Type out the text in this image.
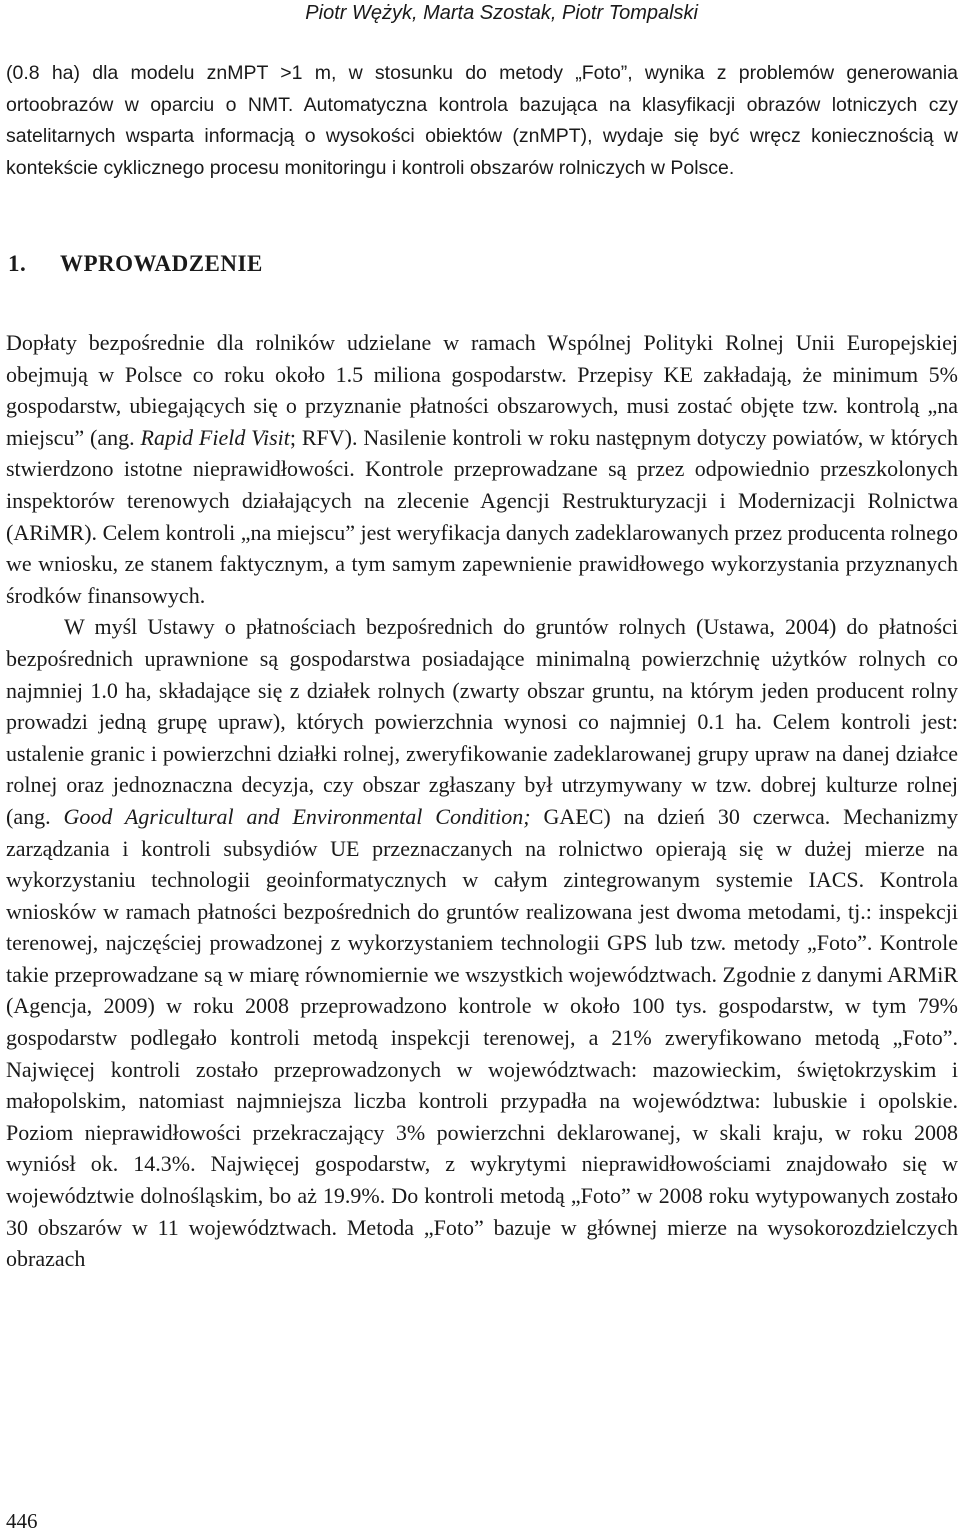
Piotr Wężyk, Marta Szostak, Piotr Tompalski

(0.8 ha) dla modelu znMPT >1 m, w stosunku do metody „Foto”, wynika z problemów generowania ortoobrazów w oparciu o NMT. Automatyczna kontrola bazująca na klasyfikacji obrazów lotniczych czy satelitarnych wsparta informacją o wysokości obiektów (znMPT), wydaje się być wręcz koniecznością w kontekście cyklicznego procesu monitoringu i kontroli obszarów rolniczych w Polsce.

1. WPROWADZENIE

Dopłaty bezpośrednie dla rolników udzielane w ramach Wspólnej Polityki Rolnej Unii Europejskiej obejmują w Polsce co roku około 1.5 miliona gospodarstw. Przepisy KE zakładają, że minimum 5% gospodarstw, ubiegających się o przyznanie płatności obszarowych, musi zostać objęte tzw. kontrolą „na miejscu” (ang. Rapid Field Visit; RFV). Nasilenie kontroli w roku następnym dotyczy powiatów, w których stwierdzono istotne nieprawidłowości. Kontrole przeprowadzane są przez odpowiednio przeszkolonych inspektorów terenowych działających na zlecenie Agencji Restrukturyzacji i Modernizacji Rolnictwa (ARiMR). Celem kontroli „na miejscu” jest weryfikacja danych zadeklarowanych przez producenta rolnego we wniosku, ze stanem faktycznym, a tym samym zapewnienie prawidłowego wykorzystania przyznanych środków finansowych.

W myśl Ustawy o płatnościach bezpośrednich do gruntów rolnych (Ustawa, 2004) do płatności bezpośrednich uprawnione są gospodarstwa posiadające minimalną powierzchnię użytków rolnych co najmniej 1.0 ha, składające się z działek rolnych (zwarty obszar gruntu, na którym jeden producent rolny prowadzi jedną grupę upraw), których powierzchnia wynosi co najmniej 0.1 ha. Celem kontroli jest: ustalenie granic i powierzchni działki rolnej, zweryfikowanie zadeklarowanej grupy upraw na danej działce rolnej oraz jednoznaczna decyzja, czy obszar zgłaszany był utrzymywany w tzw. dobrej kulturze rolnej (ang. Good Agricultural and Environmental Condition; GAEC) na dzień 30 czerwca. Mechanizmy zarządzania i kontroli subsydiów UE przeznaczanych na rolnictwo opierają się w dużej mierze na wykorzystaniu technologii geoinformatycznych w całym zintegrowanym systemie IACS. Kontrola wniosków w ramach płatności bezpośrednich do gruntów realizowana jest dwoma metodami, tj.: inspekcji terenowej, najczęściej prowadzonej z wykorzystaniem technologii GPS lub tzw. metody „Foto”. Kontrole takie przeprowadzane są w miarę równomiernie we wszystkich województwach. Zgodnie z danymi ARMiR (Agencja, 2009) w roku 2008 przeprowadzono kontrole w około 100 tys. gospodarstw, w tym 79% gospodarstw podlegało kontroli metodą inspekcji terenowej, a 21% zweryfikowano metodą „Foto”. Najwięcej kontroli zostało przeprowadzonych w województwach: mazowieckim, świętokrzyskim i małopolskim, natomiast najmniejsza liczba kontroli przypadła na województwa: lubuskie i opolskie. Poziom nieprawidłowości przekraczający 3% powierzchni deklarowanej, w skali kraju, w roku 2008 wyniósł ok. 14.3%. Najwięcej gospodarstw, z wykrytymi nieprawidłowościami znajdowało się w województwie dolnośląskim, bo aż 19.9%. Do kontroli metodą „Foto” w 2008 roku wytypowanych zostało 30 obszarów w 11 województwach. Metoda „Foto” bazuje w głównej mierze na wysokorozdzielczych obrazach

446
